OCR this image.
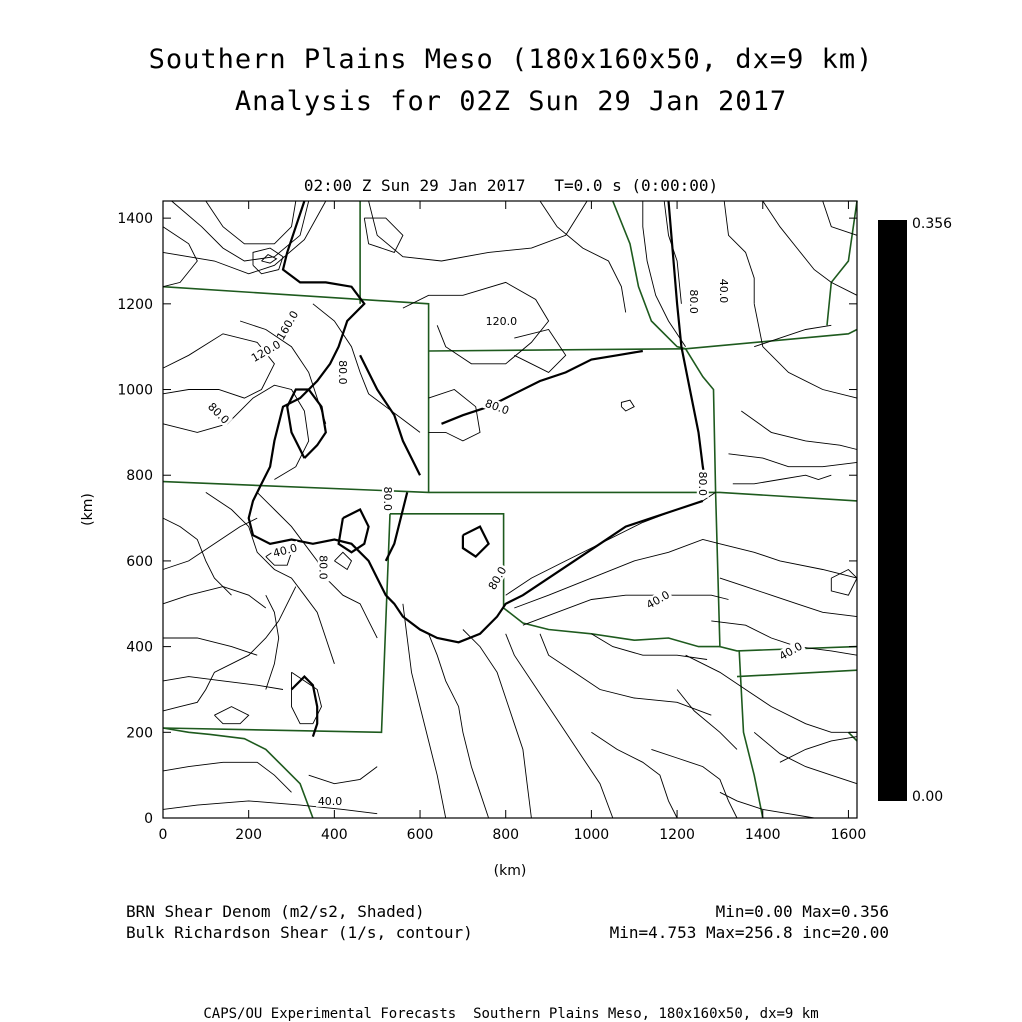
Southern Plains Meso (180x160x50, dx=9 km)
Analysis for 02Z Sun 29 Jan 2017
02:00 Z Sun 29 Jan 2017   T=0.0 s (0:00:00)
160.0
120.0
120.0
80.0
80.0	80.0
80.0
80.0	80.0
80.0
80.0 40.0
40.0
40.0
40.0
40.0
0	200	400	600	800	1000	1200	1400	1600
0
200
400
600
800
1000
1200
1400
(km)
(km)
0.356
0.00
BRN Shear Denom (m2/s2, Shaded)
Bulk Richardson Shear (1/s, contour)
Min=0.00 Max=0.356
Min=4.753 Max=256.8 inc=20.00
CAPS/OU Experimental Forecasts  Southern Plains Meso, 180x160x50, dx=9 km
